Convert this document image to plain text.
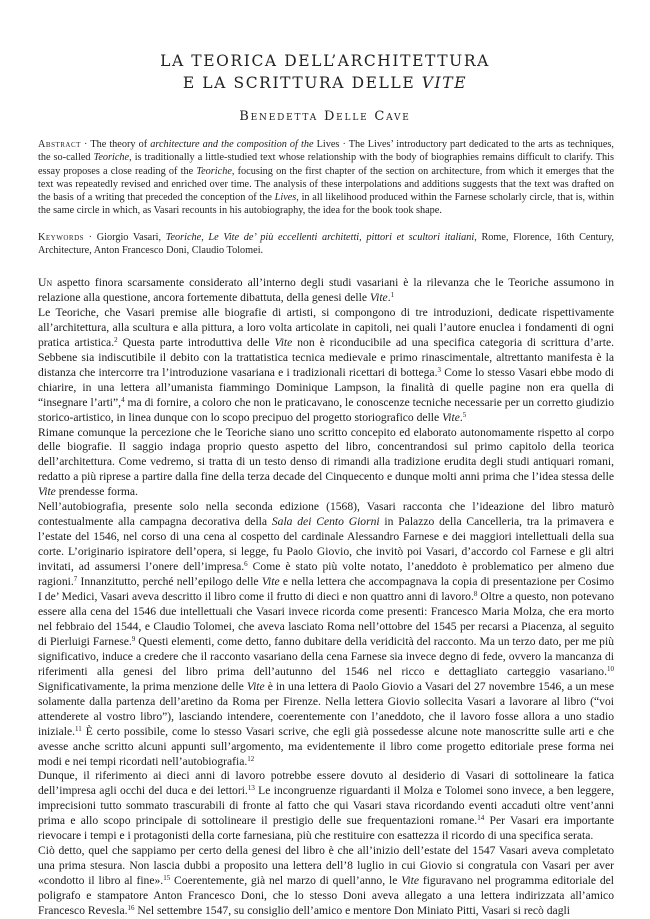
LA TEORICA DELL’ARCHITETTURA
E LA SCRITTURA DELLE VITE
Benedetta Delle Cave
Abstract · The theory of architecture and the composition of the Lives · The Lives’ introductory part dedicated to the arts as techniques, the so-called Teoriche, is traditionally a little-studied text whose relationship with the body of biographies remains difficult to clarify. This essay proposes a close reading of the Teoriche, focusing on the first chapter of the section on architecture, from which it emerges that the text was repeatedly revised and enriched over time. The analysis of these interpolations and additions suggests that the text was drafted on the basis of a writing that preceded the conception of the Lives, in all likelihood produced within the Farnese scholarly circle, that is, within the same circle in which, as Vasari recounts in his autobiography, the idea for the book took shape.
Keywords · Giorgio Vasari, Teoriche, Le Vite de’ più eccellenti architetti, pittori et scultori italiani, Rome, Florence, 16th Century, Architecture, Anton Francesco Doni, Claudio Tolomei.

Un aspetto finora scarsamente considerato all’interno degli studi vasariani è la rilevanza che le Teoriche assumono in relazione alla questione, ancora fortemente dibattuta, della genesi delle Vite.$^1$

Le Teoriche, che Vasari premise alle biografie di artisti, si compongono di tre introduzioni, dedicate rispettivamente all’architettura, alla scultura e alla pittura, a loro volta articolate in capitoli, nei quali l’autore enuclea i fondamenti di ogni pratica artistica.$^2$ Questa parte introduttiva delle Vite non è riconducibile ad una specifica categoria di scrittura d’arte. Sebbene sia indiscutibile il debito con la trattatistica tecnica medievale e primo rinascimentale, altrettanto manifesta è la distanza che intercorre tra l’introduzione vasariana e i tradizionali ricettari di bottega.$^3$ Come lo stesso Vasari ebbe modo di chiarire, in una lettera all’umanista fiammingo Dominique Lampson, la finalità di quelle pagine non era quella di “insegnare l’arti”,$^4$ ma di fornire, a coloro che non le praticavano, le conoscenze tecniche necessarie per un corretto giudizio storico-artistico, in linea dunque con lo scopo precipuo del progetto storiografico delle Vite.$^5$

Rimane comunque la percezione che le Teoriche siano uno scritto concepito ed elaborato autonomamente rispetto al corpo delle biografie. Il saggio indaga proprio questo aspetto del libro, concentrandosi sul primo capitolo della teorica dell’architettura. Come vedremo, si tratta di un testo denso di rimandi alla tradizione erudita degli studi antiquari romani, redatto a più riprese a partire dalla fine della terza decade del Cinquecento e dunque molti anni prima che l’idea stessa delle Vite prendesse forma.

Nell’autobiografia, presente solo nella seconda edizione (1568), Vasari racconta che l’ideazione del libro maturò contestualmente alla campagna decorativa della Sala dei Cento Giorni in Palazzo della Cancelleria, tra la primavera e l’estate del 1546, nel corso di una cena al cospetto del cardinale Alessandro Farnese e dei maggiori intellettuali della sua corte. L’originario ispiratore dell’opera, si legge, fu Paolo Giovio, che invitò poi Vasari, d’accordo col Farnese e gli altri invitati, ad assumersi l’onere dell’impresa.$^6$ Come è stato più volte notato, l’aneddoto è problematico per almeno due ragioni.$^7$ Innanzitutto, perché nell’epilogo delle Vite e nella lettera che accompagnava la copia di presentazione per Cosimo I de’ Medici, Vasari aveva descritto il libro come il frutto di dieci e non quattro anni di lavoro.$^8$ Oltre a questo, non potevano essere alla cena del 1546 due intellettuali che Vasari invece ricorda come presenti: Francesco Maria Molza, che era morto nel febbraio del 1544, e Claudio Tolomei, che aveva lasciato Roma nell’ottobre del 1545 per recarsi a Piacenza, al seguito di Pierluigi Farnese.$^9$ Questi elementi, come detto, fanno dubitare della veridicità del racconto. Ma un terzo dato, per me più significativo, induce a credere che il racconto vasariano della cena Farnese sia invece degno di fede, ovvero la mancanza di riferimenti alla genesi del libro prima dell’autunno del 1546 nel ricco e dettagliato carteggio vasariano.$^{10}$ Significativamente, la prima menzione delle Vite è in una lettera di Paolo Giovio a Vasari del 27 novembre 1546, a un mese solamente dalla partenza dell’aretino da Roma per Firenze. Nella lettera Giovio sollecita Vasari a lavorare al libro (“voi attenderete al vostro libro”), lasciando intendere, coerentemente con l’aneddoto, che il lavoro fosse allora a uno stadio iniziale.$^{11}$ È certo possibile, come lo stesso Vasari scrive, che egli già possedesse alcune note manoscritte sulle arti e che avesse anche scritto alcuni appunti sull’argomento, ma evidentemente il libro come progetto editoriale prese forma nei modi e nei tempi ricordati nell’autobiografia.$^{12}$

Dunque, il riferimento ai dieci anni di lavoro potrebbe essere dovuto al desiderio di Vasari di sottolineare la fatica dell’impresa agli occhi del duca e dei lettori.$^{13}$ Le incongruenze riguardanti il Molza e Tolomei sono invece, a ben leggere, imprecisioni tutto sommato trascurabili di fronte al fatto che qui Vasari stava ricordando eventi accaduti oltre vent’anni prima e allo scopo principale di sottolineare il prestigio delle sue frequentazioni romane.$^{14}$ Per Vasari era importante rievocare i tempi e i protagonisti della corte farnesiana, più che restituire con esattezza il ricordo di una specifica serata.

Ciò detto, quel che sappiamo per certo della genesi del libro è che all’inizio dell’estate del 1547 Vasari aveva completato una prima stesura. Non lascia dubbi a proposito una lettera dell’8 luglio in cui Giovio si congratula con Vasari per aver «condotto il libro al fine».$^{15}$ Coerentemente, già nel marzo di quell’anno, le Vite figuravano nel programma editoriale del poligrafo e stampatore Anton Francesco Doni, che lo stesso Doni aveva allegato a una lettera indirizzata all’amico Francesco Revesla.$^{16}$ Nel settembre 1547, su consiglio dell’amico e mentore Don Miniato Pitti, Vasari si recò dagli
